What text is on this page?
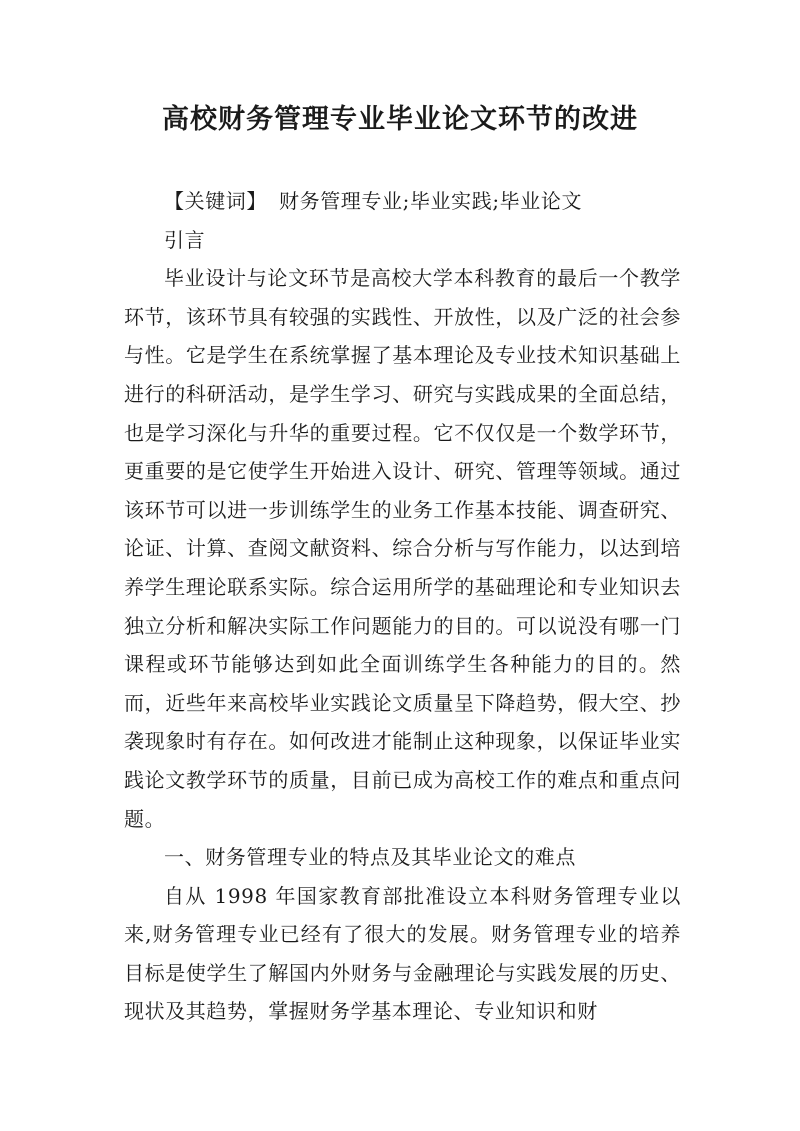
高校财务管理专业毕业论文环节的改进

【关键词】 财务管理专业;毕业实践;毕业论文

引言

毕业设计与论文环节是高校大学本科教育的最后一个教学环节，该环节具有较强的实践性、开放性，以及广泛的社会参与性。它是学生在系统掌握了基本理论及专业技术知识基础上进行的科研活动，是学生学习、研究与实践成果的全面总结，也是学习深化与升华的重要过程。它不仅仅是一个数学环节，更重要的是它使学生开始进入设计、研究、管理等领域。通过该环节可以进一步训练学生的业务工作基本技能、调查研究、论证、计算、查阅文献资料、综合分析与写作能力，以达到培养学生理论联系实际。综合运用所学的基础理论和专业知识去独立分析和解决实际工作问题能力的目的。可以说没有哪一门课程或环节能够达到如此全面训练学生各种能力的目的。然而，近些年来高校毕业实践论文质量呈下降趋势，假大空、抄袭现象时有存在。如何改进才能制止这种现象，以保证毕业实践论文教学环节的质量，目前已成为高校工作的难点和重点问题。

一、财务管理专业的特点及其毕业论文的难点

自从 1998 年国家教育部批准设立本科财务管理专业以来,财务管理专业已经有了很大的发展。财务管理专业的培养目标是使学生了解国内外财务与金融理论与实践发展的历史、现状及其趋势，掌握财务学基本理论、专业知识和财
